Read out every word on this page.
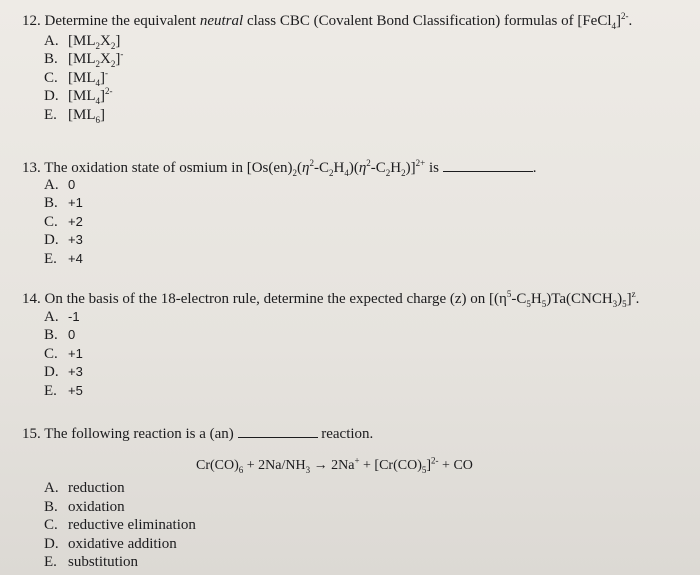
12. Determine the equivalent neutral class CBC (Covalent Bond Classification) formulas of [FeCl$_4$]$^{2-}$.
A. $[ML_2X_2]$
B. $[ML_2X_2]^-$
C. $[ML_4]^-$
D. $[ML_4]^{2-}$
E. $[ML_6]$
13. The oxidation state of osmium in $[Os(en)_2(\eta^2-C_2H_4)(\eta^2-C_2H_2)]^{2+}$ is	.
A. 0
B. +1
C. +2
D. +3
E. +4
14. On the basis of the 18-electron rule, determine the expected charge (z) on $[(\eta^5-C_5H_5)Ta(CNCH_3)_5]^z$.
A. -1
B. 0
C. +1
D. +3
E. +5
15. The following reaction is a (an)	reaction.
$Cr(CO)_6 + 2Na/NH_3 \to 2Na^+ + [Cr(CO)_5]^{2-}$ + CO
A. reduction
B. oxidation
C. reductive elimination
D. oxidative addition
E. substitution
